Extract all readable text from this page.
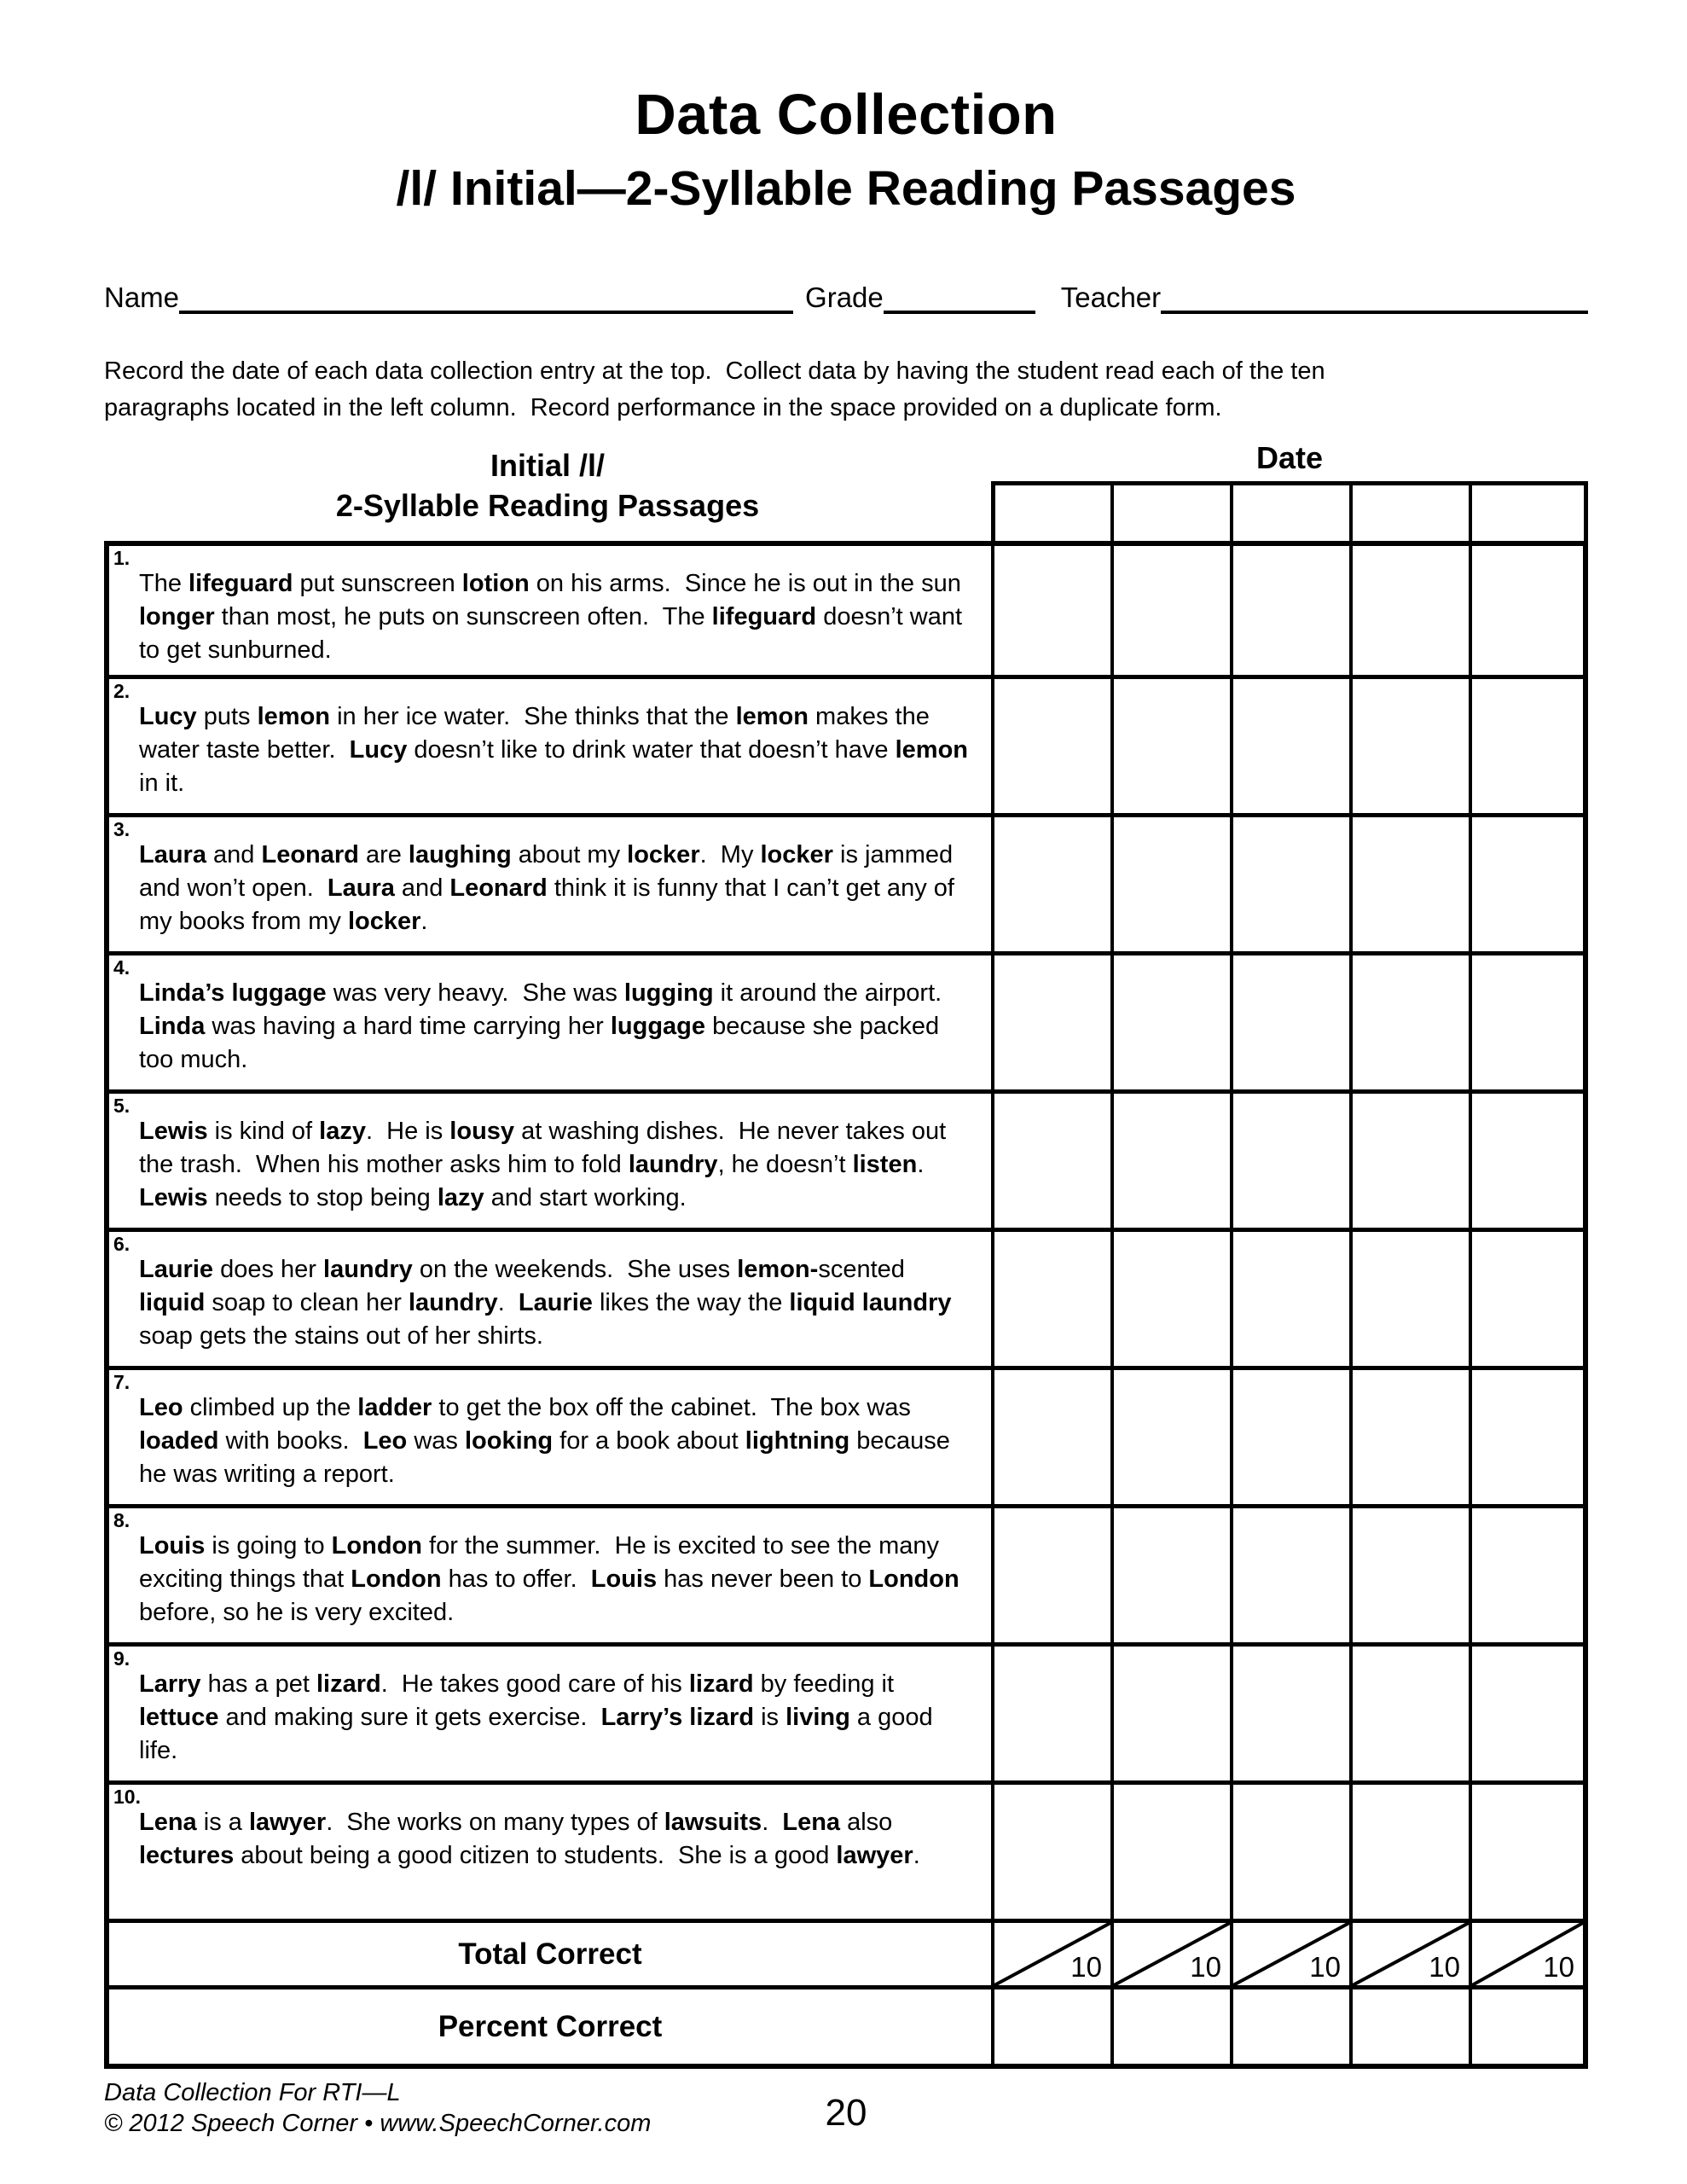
Data Collection
/l/ Initial—2-Syllable Reading Passages
Name	Grade	Teacher
Record the date of each data collection entry at the top.  Collect data by having the student read each of the ten paragraphs located in the left column.  Record performance in the space provided on a duplicate form.
Initial /l/
2-Syllable Reading Passages
Date
1.
The lifeguard put sunscreen lotion on his arms.  Since he is out in the sun longer than most, he puts on sunscreen often.  The lifeguard doesn’t want to get sunburned.
2.
Lucy puts lemon in her ice water.  She thinks that the lemon makes the water taste better.  Lucy doesn’t like to drink water that doesn’t have lemon in it.
3.
Laura and Leonard are laughing about my locker.  My locker is jammed and won’t open.  Laura and Leonard think it is funny that I can’t get any of my books from my locker.
4.
Linda’s luggage was very heavy.  She was lugging it around the airport.  Linda was having a hard time carrying her luggage because she packed too much.
5.
Lewis is kind of lazy.  He is lousy at washing dishes.  He never takes out the trash.  When his mother asks him to fold laundry, he doesn’t listen.  Lewis needs to stop being lazy and start working.
6.
Laurie does her laundry on the weekends.  She uses lemon-scented liquid soap to clean her laundry.  Laurie likes the way the liquid laundry soap gets the stains out of her shirts.
7.
Leo climbed up the ladder to get the box off the cabinet.  The box was loaded with books.  Leo was looking for a book about lightning because he was writing a report.
8.
Louis is going to London for the summer.  He is excited to see the many exciting things that London has to offer.  Louis has never been to London before, so he is very excited.
9.
Larry has a pet lizard.  He takes good care of his lizard by feeding it lettuce and making sure it gets exercise.  Larry’s lizard is living a good life.
10.
Lena is a lawyer.  She works on many types of lawsuits.  Lena also lectures about being a good citizen to students.  She is a good lawyer.
Total Correct	10	10	10	10	10
Percent Correct
Data Collection For RTI—L
© 2012 Speech Corner • www.SpeechCorner.com	20
